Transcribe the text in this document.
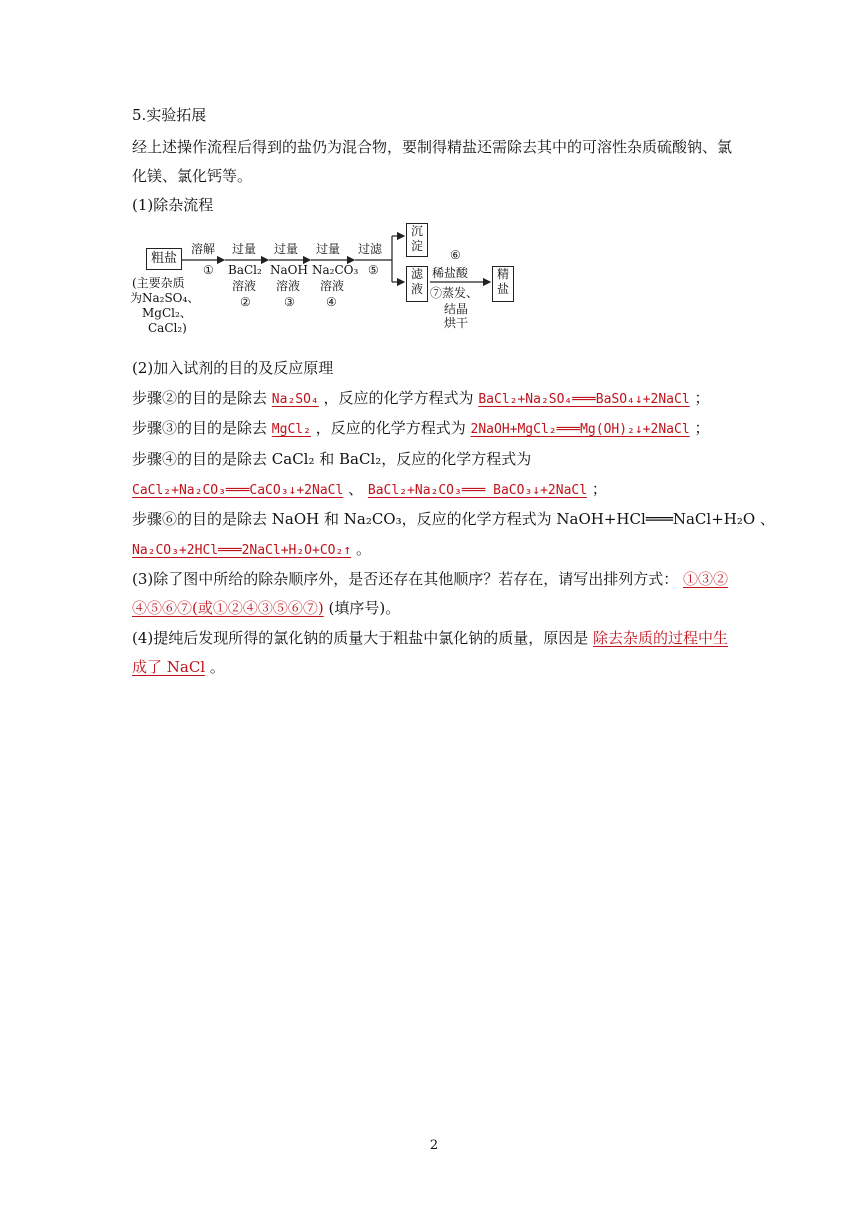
5.实验拓展
经上述操作流程后得到的盐仍为混合物，要制得精盐还需除去其中的可溶性杂质硫酸钠、氯
化镁、氯化钙等。
(1)除杂流程
粗盐
(主要杂质
为Na₂SO₄、
MgCl₂、
CaCl₂)
溶解
①
过量
BaCl₂
溶液
②
过量
NaOH
溶液
③
过量
Na₂CO₃
溶液
④
过滤
⑤
沉淀
滤液
⑥
稀盐酸
⑦蒸发、
结晶
烘干
精盐
(2)加入试剂的目的及反应原理
步骤②的目的是除去 Na₂SO₄ ，反应的化学方程式为 BaCl₂+Na₂SO₄═══BaSO₄↓+2NaCl ；
步骤③的目的是除去 MgCl₂ ，反应的化学方程式为 2NaOH+MgCl₂═══Mg(OH)₂↓+2NaCl ；
步骤④的目的是除去 CaCl₂ 和 BaCl₂，反应的化学方程式为
CaCl₂+Na₂CO₃═══CaCO₃↓+2NaCl 、 BaCl₂+Na₂CO₃═══ BaCO₃↓+2NaCl ；
步骤⑥的目的是除去 NaOH 和 Na₂CO₃，反应的化学方程式为 NaOH+HCl═══NaCl+H₂O 、
Na₂CO₃+2HCl═══2NaCl+H₂O+CO₂↑ 。
(3)除了图中所给的除杂顺序外，是否还存在其他顺序？若存在，请写出排列方式： ①③②
④⑤⑥⑦(或①②④③⑤⑥⑦) (填序号)。
(4)提纯后发现所得的氯化钠的质量大于粗盐中氯化钠的质量，原因是 除去杂质的过程中生
成了 NaCl 。
2
